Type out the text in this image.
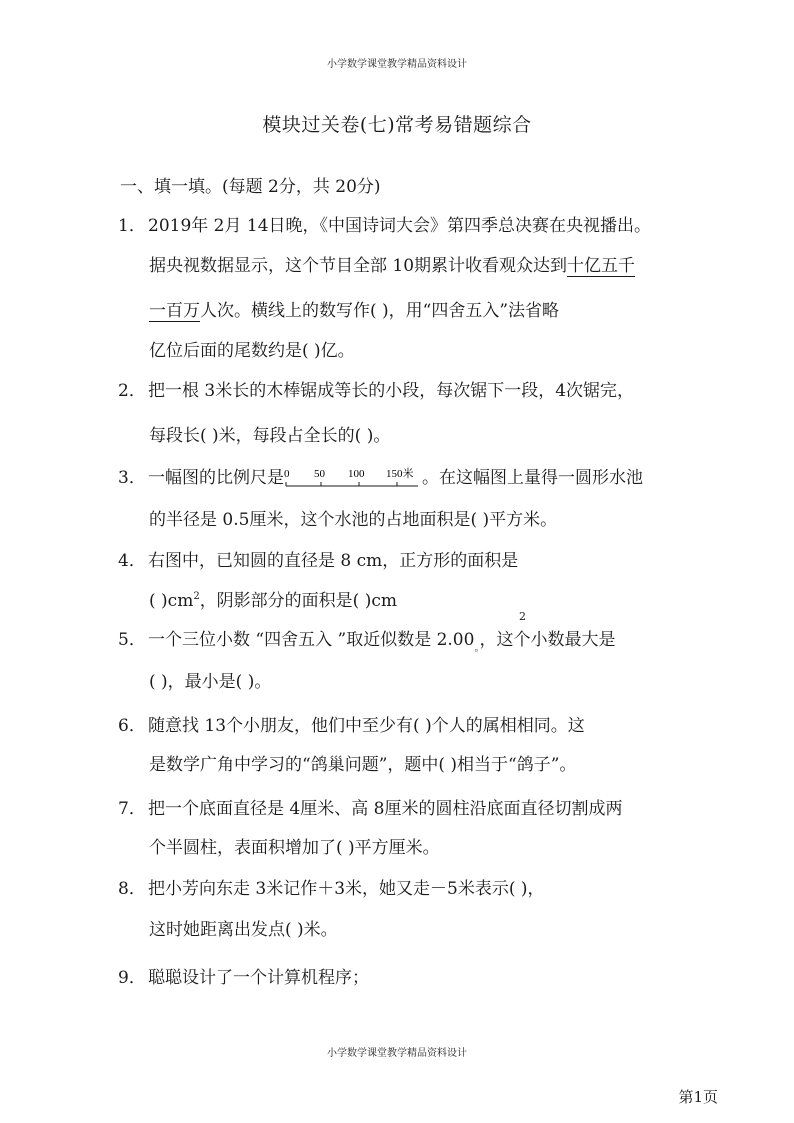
小学数学课堂教学精品资料设计
模块过关卷(七)常考易错题综合
一、填一填。(每题 2分，共 20分)
1． 2019年 2月 14日晚，《中国诗词大会》第四季总决赛在央视播出。
据央视数据显示，这个节目全部 10期累计收看观众达到十亿五千
一百万人次。横线上的数写作( )，用“四舍五入”法省略
亿位后面的尾数约是( )亿。
2． 把一根 3米长的木棒锯成等长的小段，每次锯下一段，4次锯完，
每段长( )米，每段占全长的( )。
3． 一幅图的比例尺是 0 50 100 150米 。在这幅图上量得一圆形水池
的半径是 0.5厘米，这个水池的占地面积是( )平方米。
4． 右图中，已知圆的直径是 8 cm，正方形的面积是
( )$cm^2$，阴影部分的面积是( )cm
2
5． 一个三位小数 “四舍五入 ”取近似数是 $2.00_。$，这个小数最大是
( )，最小是( )。
6． 随意找 13个小朋友，他们中至少有( )个人的属相相同。这
是数学广角中学习的“鸽巢问题”，题中( )相当于“鸽子”。
7． 把一个底面直径是 4厘米、高 8厘米的圆柱沿底面直径切割成两
个半圆柱，表面积增加了( )平方厘米。
8． 把小芳向东走 3米记作＋3米，她又走－5米表示( )，
这时她距离出发点( )米。
9． 聪聪设计了一个计算机程序；
小学数学课堂教学精品资料设计
第1页
